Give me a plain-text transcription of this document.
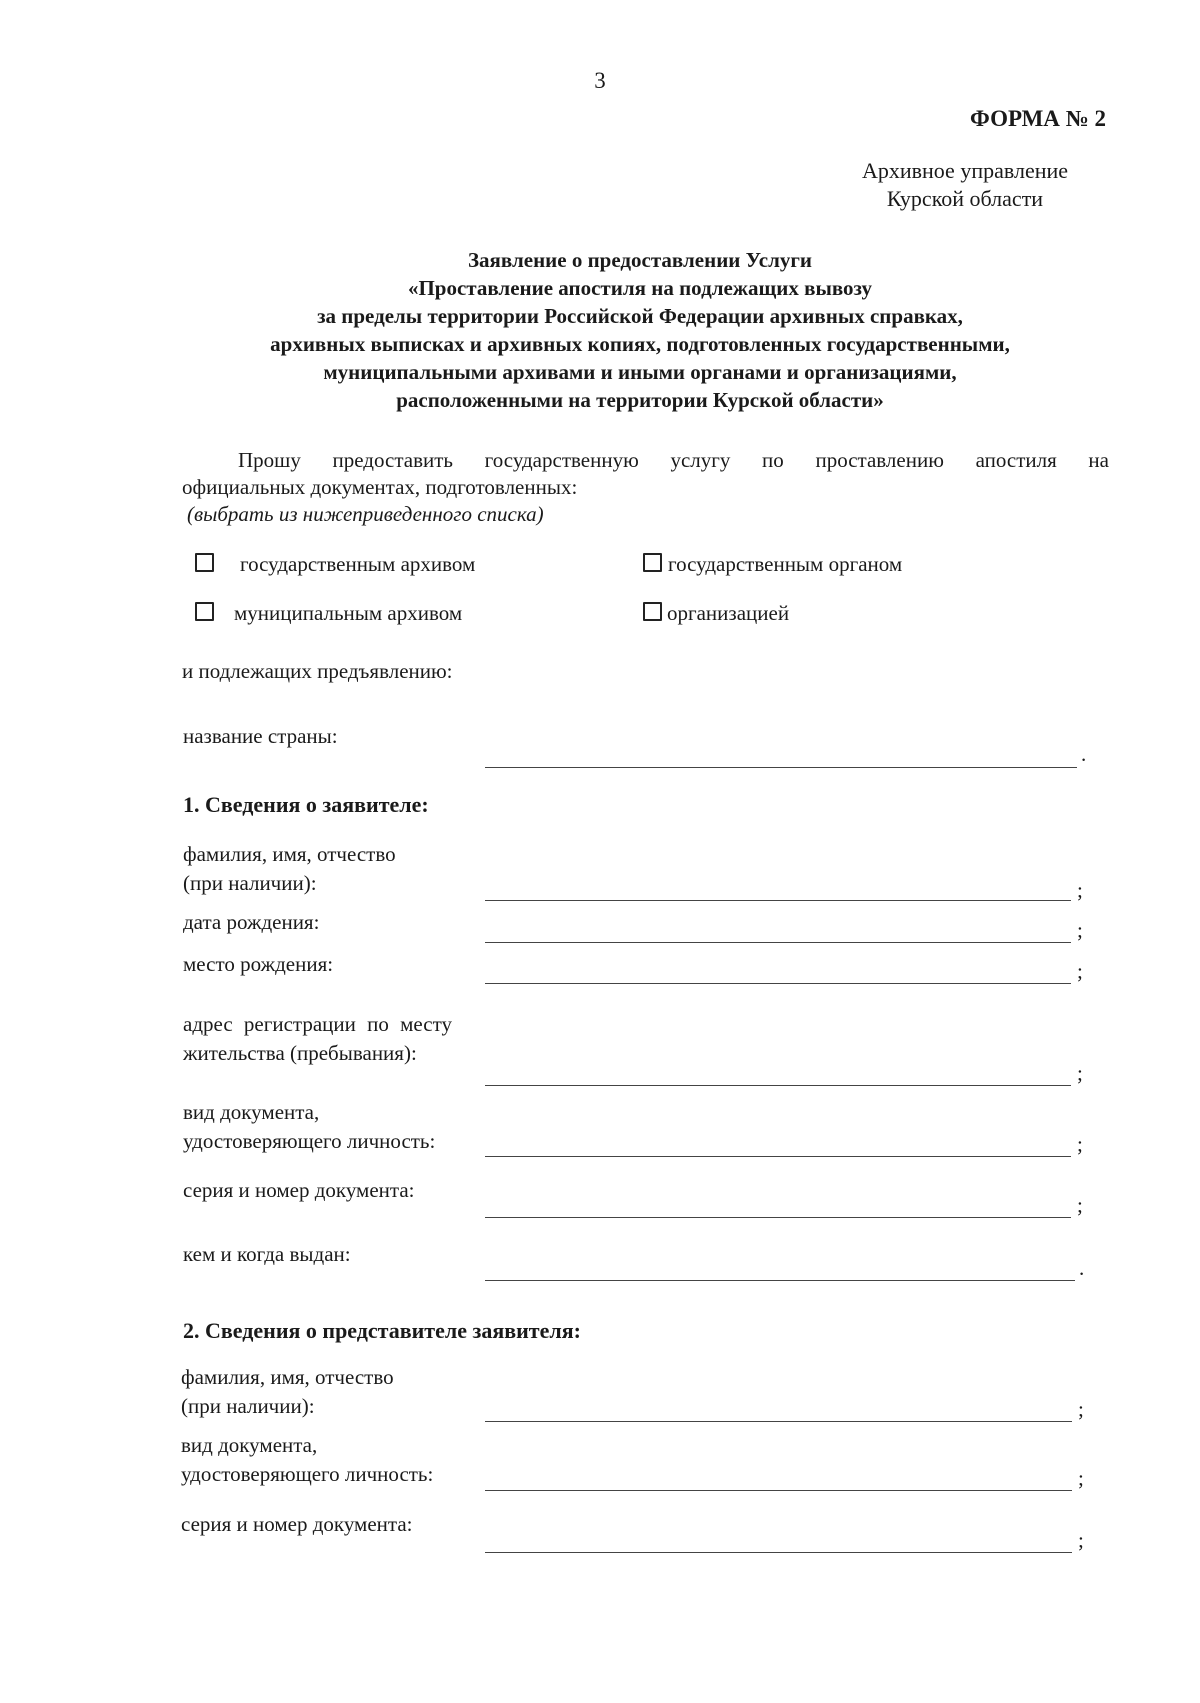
3
ФОРМА № 2
Архивное управление
Курской области
Заявление о предоставлении Услуги
«Проставление апостиля на подлежащих вывозу
за пределы территории Российской Федерации архивных справках,
архивных выписках и архивных копиях, подготовленных государственными,
муниципальными архивами и иными органами и организациями,
расположенными на территории Курской области»
Прошу предоставить государственную услугу по проставлению апостиля на
официальных документах, подготовленных:
(выбрать из нижеприведенного списка)
государственным архивом	государственным органом
муниципальным архивом	организацией
и подлежащих предъявлению:
название страны:
.
1. Сведения о заявителе:
фамилия, имя, отчество
(при наличии):	;
дата рождения:	;
место рождения:	;
адрес регистрации по месту
жительства (пребывания):
;
вид документа,
удостоверяющего личность:	;
серия и номер документа:
;
кем и когда выдан:
.
2. Сведения о представителе заявителя:
фамилия, имя, отчество
(при наличии):	;
вид документа,
удостоверяющего личность:	;
серия и номер документа:
;
